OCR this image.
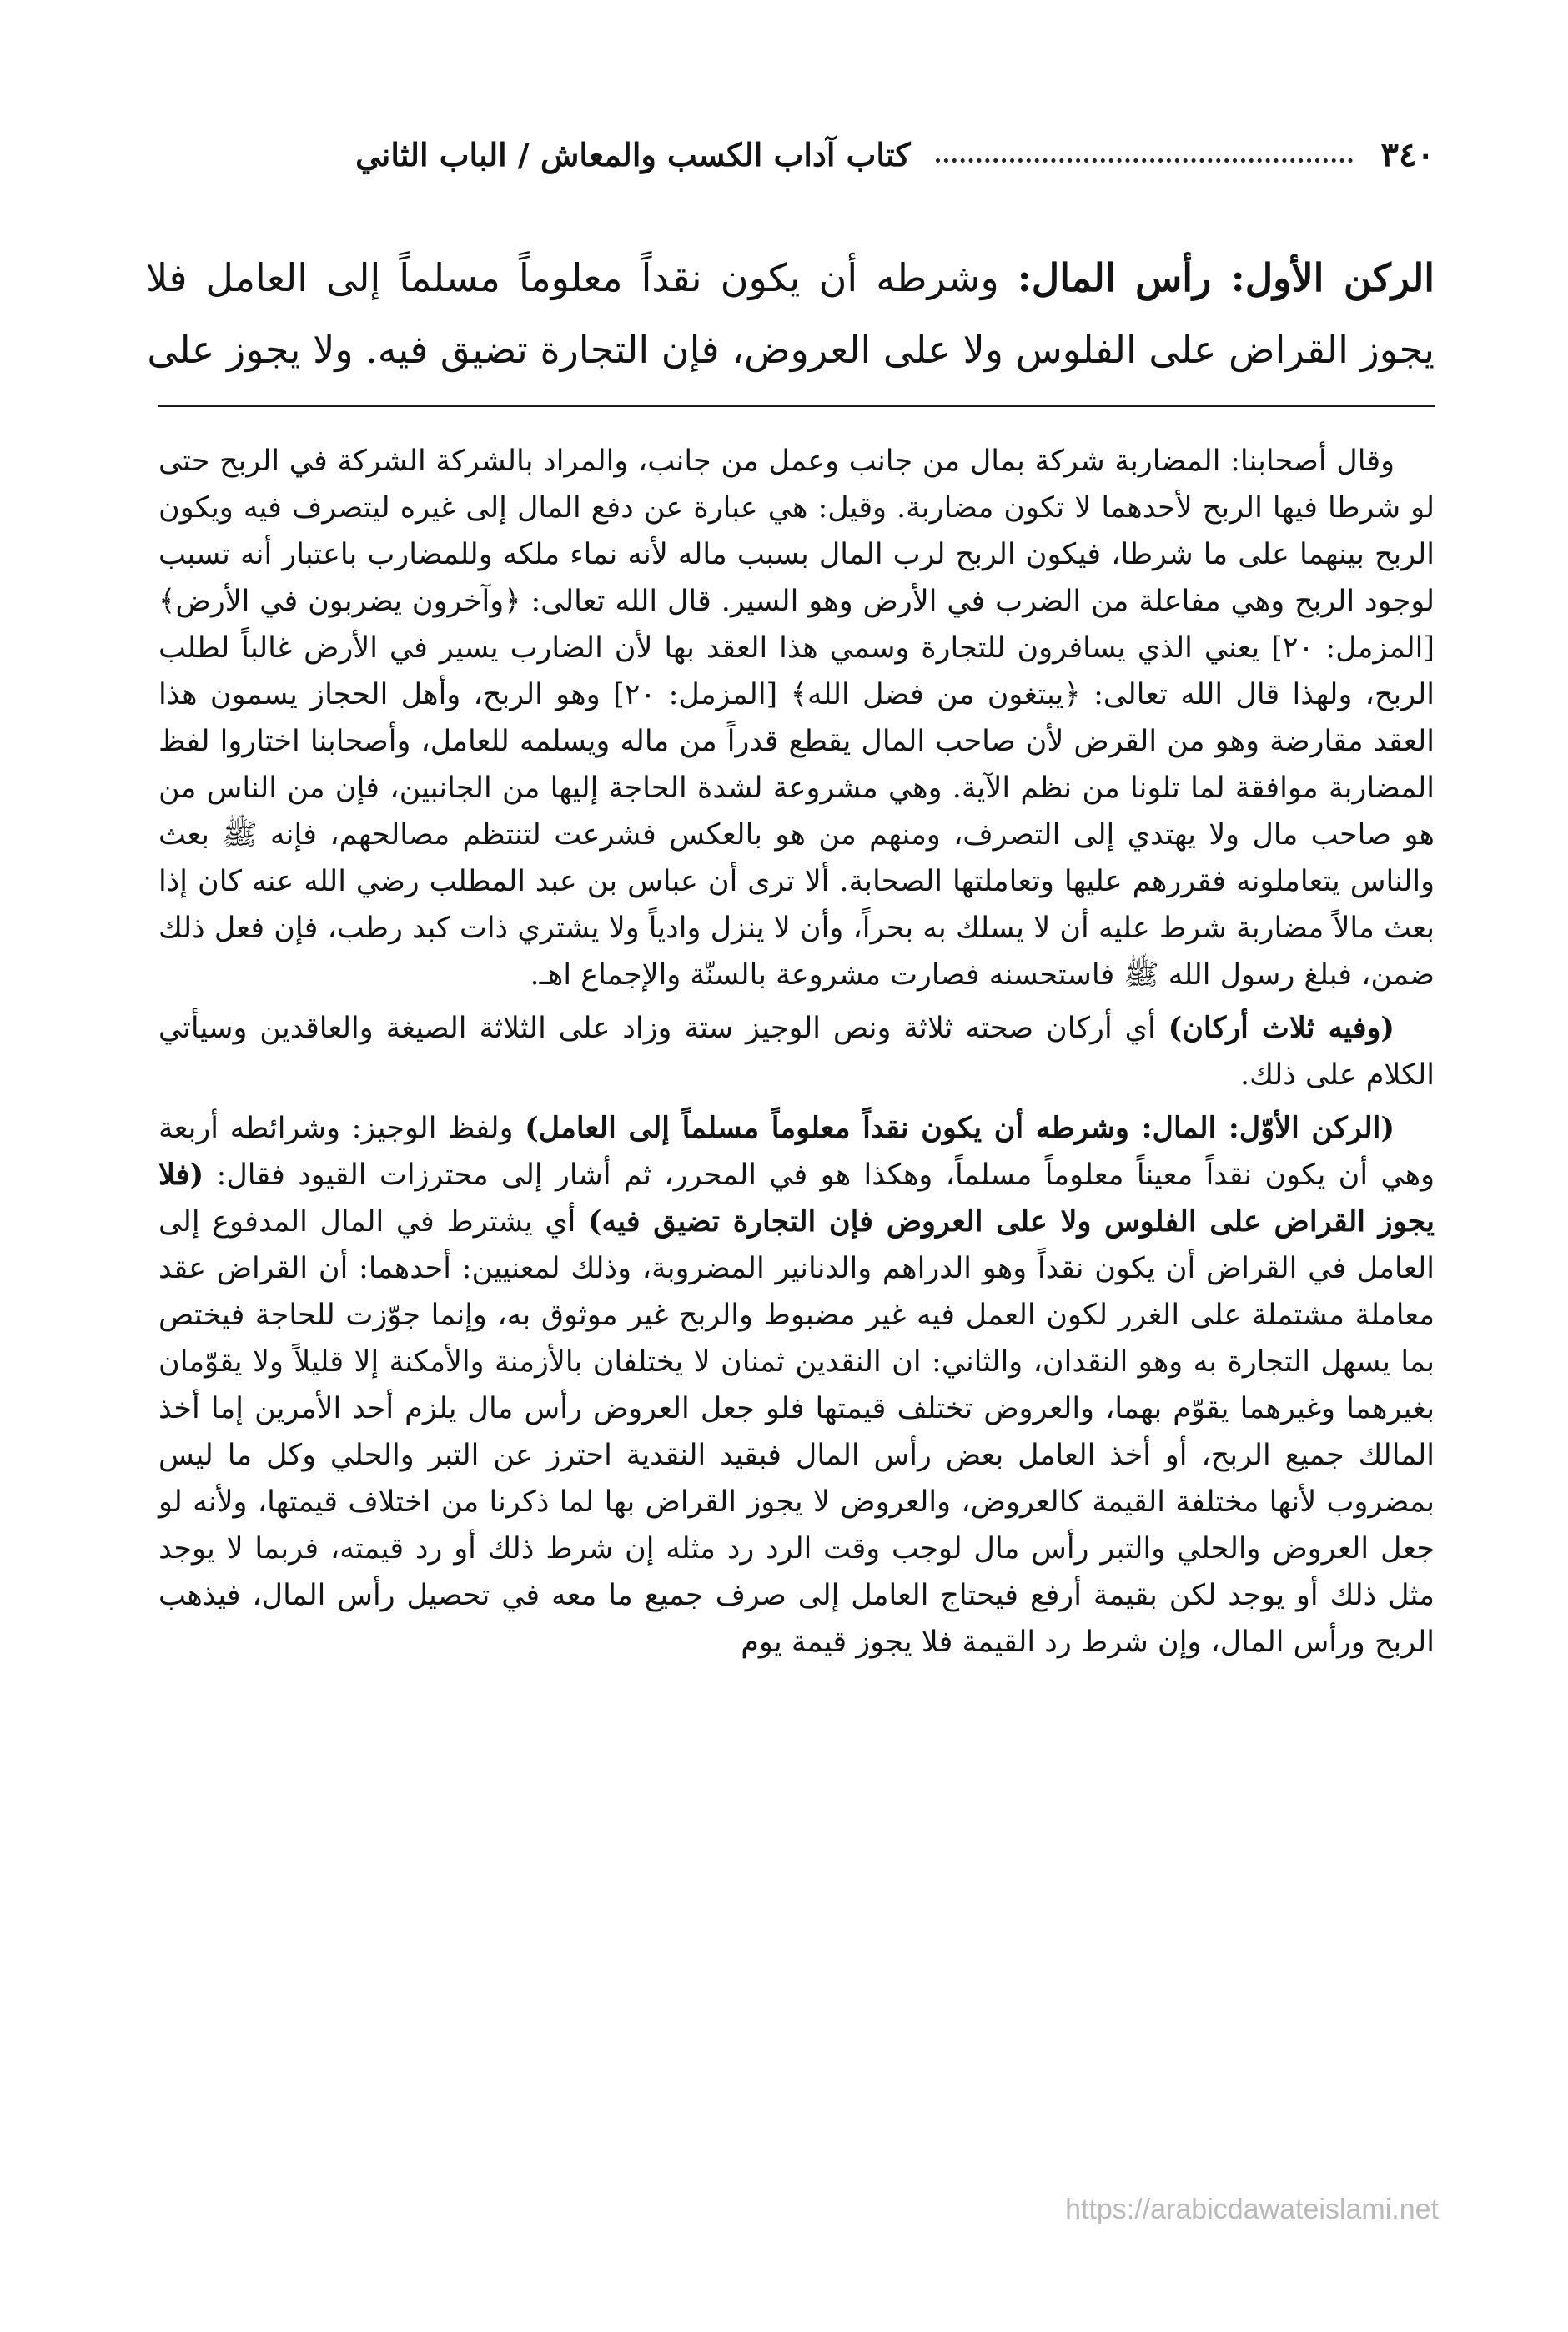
٣٤٠
كتاب آداب الكسب والمعاش / الباب الثاني
الركن الأول: رأس المال: وشرطه أن يكون نقداً معلوماً مسلماً إلى العامل فلا يجوز القراض على الفلوس ولا على العروض، فإن التجارة تضيق فيه. ولا يجوز على

وقال أصحابنا: المضاربة شركة بمال من جانب وعمل من جانب، والمراد بالشركة الشركة في الربح حتى لو شرطا فيها الربح لأحدهما لا تكون مضاربة. وقيل: هي عبارة عن دفع المال إلى غيره ليتصرف فيه ويكون الربح بينهما على ما شرطا، فيكون الربح لرب المال بسبب ماله لأنه نماء ملكه وللمضارب باعتبار أنه تسبب لوجود الربح وهي مفاعلة من الضرب في الأرض وهو السير. قال الله تعالى: ﴿وآخرون يضربون في الأرض﴾ [المزمل: ٢٠] يعني الذي يسافرون للتجارة وسمي هذا العقد بها لأن الضارب يسير في الأرض غالباً لطلب الربح، ولهذا قال الله تعالى: ﴿يبتغون من فضل الله﴾ [المزمل: ٢٠] وهو الربح، وأهل الحجاز يسمون هذا العقد مقارضة وهو من القرض لأن صاحب المال يقطع قدراً من ماله ويسلمه للعامل، وأصحابنا اختاروا لفظ المضاربة موافقة لما تلونا من نظم الآية. وهي مشروعة لشدة الحاجة إليها من الجانبين، فإن من الناس من هو صاحب مال ولا يهتدي إلى التصرف، ومنهم من هو بالعكس فشرعت لتنتظم مصالحهم، فإنه ﷺ بعث والناس يتعاملونه فقررهم عليها وتعاملتها الصحابة. ألا ترى أن عباس بن عبد المطلب رضي الله عنه كان إذا بعث مالاً مضاربة شرط عليه أن لا يسلك به بحراً، وأن لا ينزل وادياً ولا يشتري ذات كبد رطب، فإن فعل ذلك ضمن، فبلغ رسول الله ﷺ فاستحسنه فصارت مشروعة بالسنّة والإجماع اهـ.

(وفيه ثلاث أركان) أي أركان صحته ثلاثة ونص الوجيز ستة وزاد على الثلاثة الصيغة والعاقدين وسيأتي الكلام على ذلك.

(الركن الأوّل: المال: وشرطه أن يكون نقداً معلوماً مسلماً إلى العامل) ولفظ الوجيز: وشرائطه أربعة وهي أن يكون نقداً معيناً معلوماً مسلماً، وهكذا هو في المحرر، ثم أشار إلى محترزات القيود فقال: (فلا يجوز القراض على الفلوس ولا على العروض فإن التجارة تضيق فيه) أي يشترط في المال المدفوع إلى العامل في القراض أن يكون نقداً وهو الدراهم والدنانير المضروبة، وذلك لمعنيين: أحدهما: أن القراض عقد معاملة مشتملة على الغرر لكون العمل فيه غير مضبوط والربح غير موثوق به، وإنما جوّزت للحاجة فيختص بما يسهل التجارة به وهو النقدان، والثاني: ان النقدين ثمنان لا يختلفان بالأزمنة والأمكنة إلا قليلاً ولا يقوّمان بغيرهما وغيرهما يقوّم بهما، والعروض تختلف قيمتها فلو جعل العروض رأس مال يلزم أحد الأمرين إما أخذ المالك جميع الربح، أو أخذ العامل بعض رأس المال فبقيد النقدية احترز عن التبر والحلي وكل ما ليس بمضروب لأنها مختلفة القيمة كالعروض، والعروض لا يجوز القراض بها لما ذكرنا من اختلاف قيمتها، ولأنه لو جعل العروض والحلي والتبر رأس مال لوجب وقت الرد رد مثله إن شرط ذلك أو رد قيمته، فربما لا يوجد مثل ذلك أو يوجد لكن بقيمة أرفع فيحتاج العامل إلى صرف جميع ما معه في تحصيل رأس المال، فيذهب الربح ورأس المال، وإن شرط رد القيمة فلا يجوز قيمة يوم

https://arabicdawateislami.net
